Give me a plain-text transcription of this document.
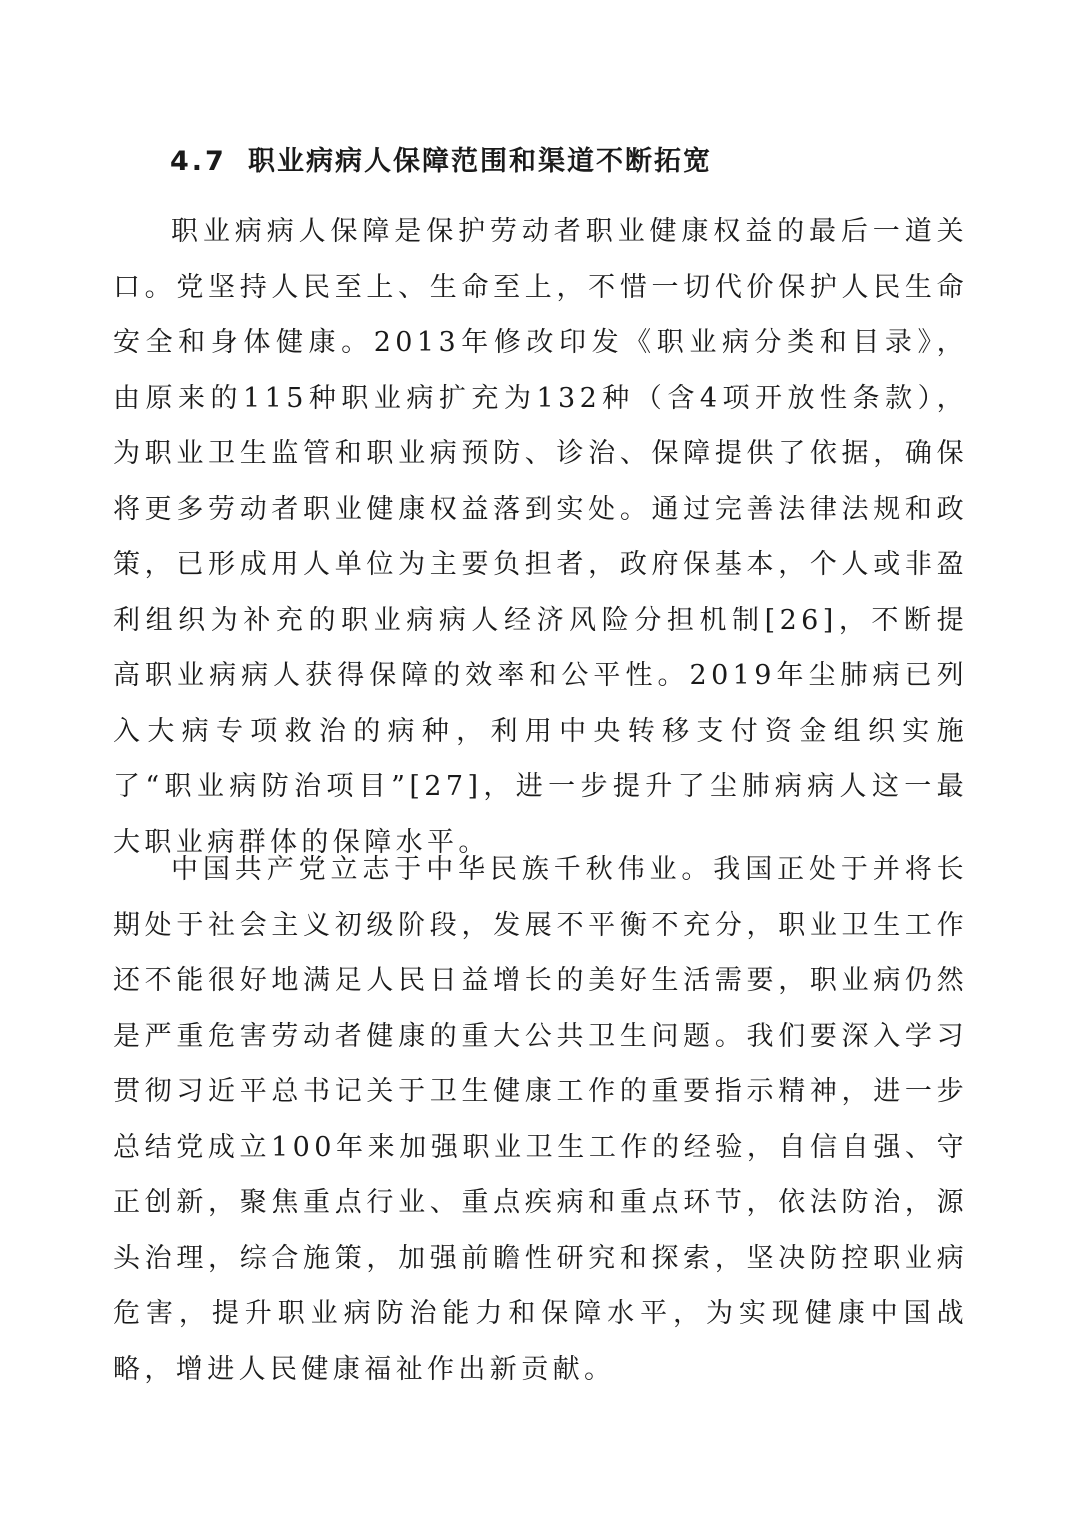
4.7 职业病病人保障范围和渠道不断拓宽

职业病病人保障是保护劳动者职业健康权益的最后一道关口。党坚持人民至上、生命至上，不惜一切代价保护人民生命安全和身体健康。2013年修改印发《职业病分类和目录》，由原来的115种职业病扩充为132种（含4项开放性条款），为职业卫生监管和职业病预防、诊治、保障提供了依据，确保将更多劳动者职业健康权益落到实处。通过完善法律法规和政策，已形成用人单位为主要负担者，政府保基本，个人或非盈利组织为补充的职业病病人经济风险分担机制[26]，不断提高职业病病人获得保障的效率和公平性。2019年尘肺病已列入大病专项救治的病种，利用中央转移支付资金组织实施了“职业病防治项目”[27]，进一步提升了尘肺病病人这一最大职业病群体的保障水平。

中国共产党立志于中华民族千秋伟业。我国正处于并将长期处于社会主义初级阶段，发展不平衡不充分，职业卫生工作还不能很好地满足人民日益增长的美好生活需要，职业病仍然是严重危害劳动者健康的重大公共卫生问题。我们要深入学习贯彻习近平总书记关于卫生健康工作的重要指示精神，进一步总结党成立100年来加强职业卫生工作的经验，自信自强、守正创新，聚焦重点行业、重点疾病和重点环节，依法防治，源头治理，综合施策，加强前瞻性研究和探索，坚决防控职业病危害，提升职业病防治能力和保障水平，为实现健康中国战略，增进人民健康福祉作出新贡献。
